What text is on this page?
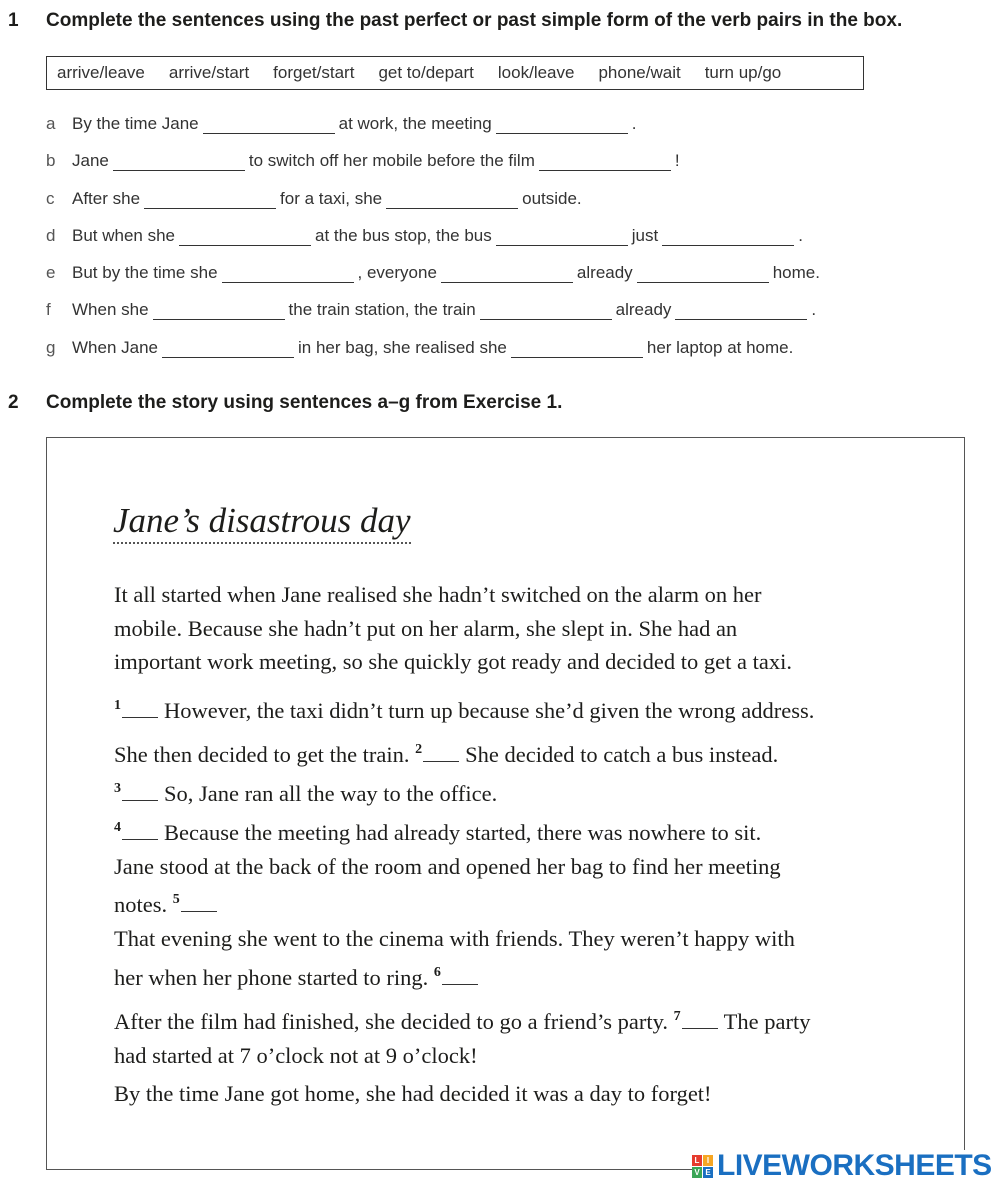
1 Complete the sentences using the past perfect or past simple form of the verb pairs in the box.
arrive/leave arrive/start forget/start get to/depart look/leave phone/wait turn up/go
a By the time Jane	at work, the meeting	.
b Jane	to switch off her mobile before the film	!
c After she	for a taxi, she	outside.
d But when she	at the bus stop, the bus	just	.
e But by the time she	, everyone	already	home.
f When she	the train station, the train	already	.
g When Jane	in her bag, she realised she	her laptop at home.
2 Complete the story using sentences a–g from Exercise 1.
Jane’s disastrous day
It all started when Jane realised she hadn’t switched on the alarm on her
mobile. Because she hadn’t put on her alarm, she slept in. She had an
important work meeting, so she quickly got ready and decided to get a taxi.
$^1$ However, the taxi didn’t turn up because she’d given the wrong address.
She then decided to get the train. $^2$ She decided to catch a bus instead.
$^3$ So, Jane ran all the way to the office.
$^4$ Because the meeting had already started, there was nowhere to sit.
Jane stood at the back of the room and opened her bag to find her meeting
notes. $^5$
That evening she went to the cinema with friends. They weren’t happy with
her when her phone started to ring. $^6$
After the film had finished, she decided to go a friend’s party. $^7$ The party
had started at 7 o’clock not at 9 o’clock!
By the time Jane got home, she had decided it was a day to forget!
L I
V E LIVEWORKSHEETS
